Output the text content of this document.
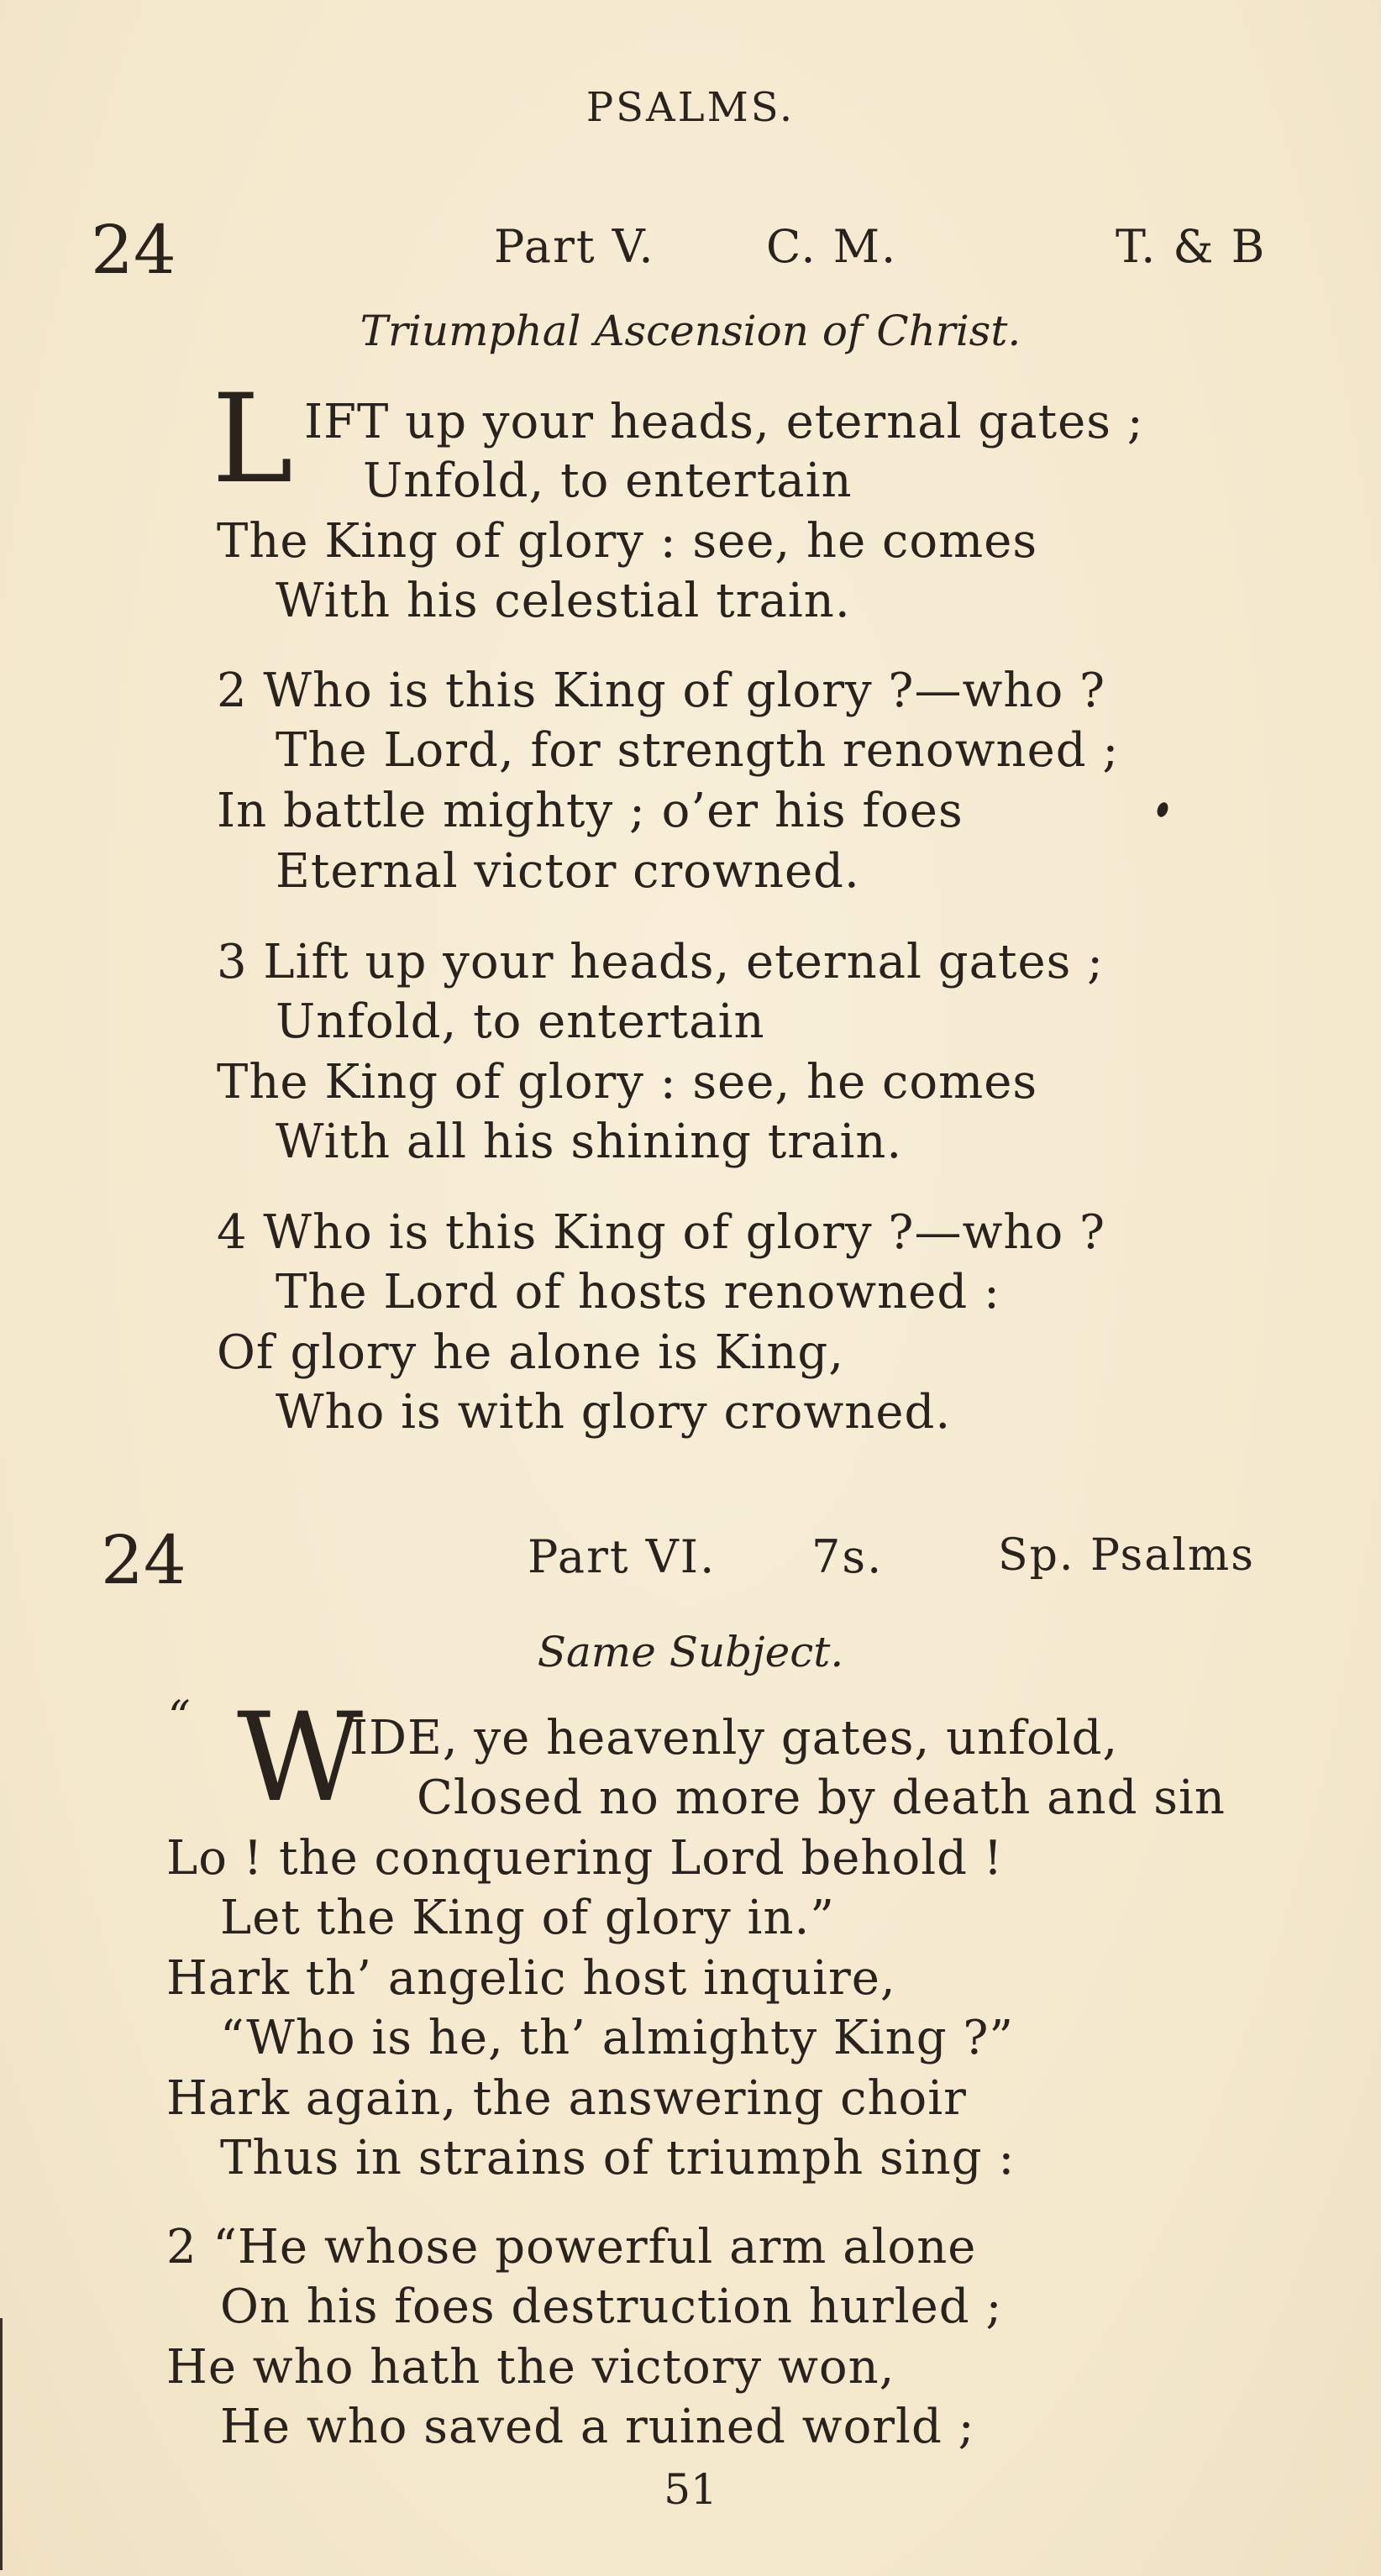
PSALMS.
24	Part V. C. M.	T. & B
Triumphal Ascension of Christ.
L IFT up your heads, eternal gates ;
Unfold, to entertain
The King of glory : see, he comes
With his celestial train.
2 Who is this King of glory ?—who ?
The Lord, for strength renowned ;
In battle mighty ; o’er his foes
Eternal victor crowned.
3 Lift up your heads, eternal gates ;
Unfold, to entertain
The King of glory : see, he comes
With all his shining train.
4 Who is this King of glory ?—who ?
The Lord of hosts renowned :
Of glory he alone is King,
Who is with glory crowned.
24	Part VI. 7s.	Sp. Psalms
Same Subject.
“ W
IDE, ye heavenly gates, unfold,
Closed no more by death and sin
Lo ! the conquering Lord behold !
Let the King of glory in.”
Hark th’ angelic host inquire,
“Who is he, th’ almighty King ?”
Hark again, the answering choir
Thus in strains of triumph sing :
2 “He whose powerful arm alone
On his foes destruction hurled ;
He who hath the victory won,
He who saved a ruined world ;
51
